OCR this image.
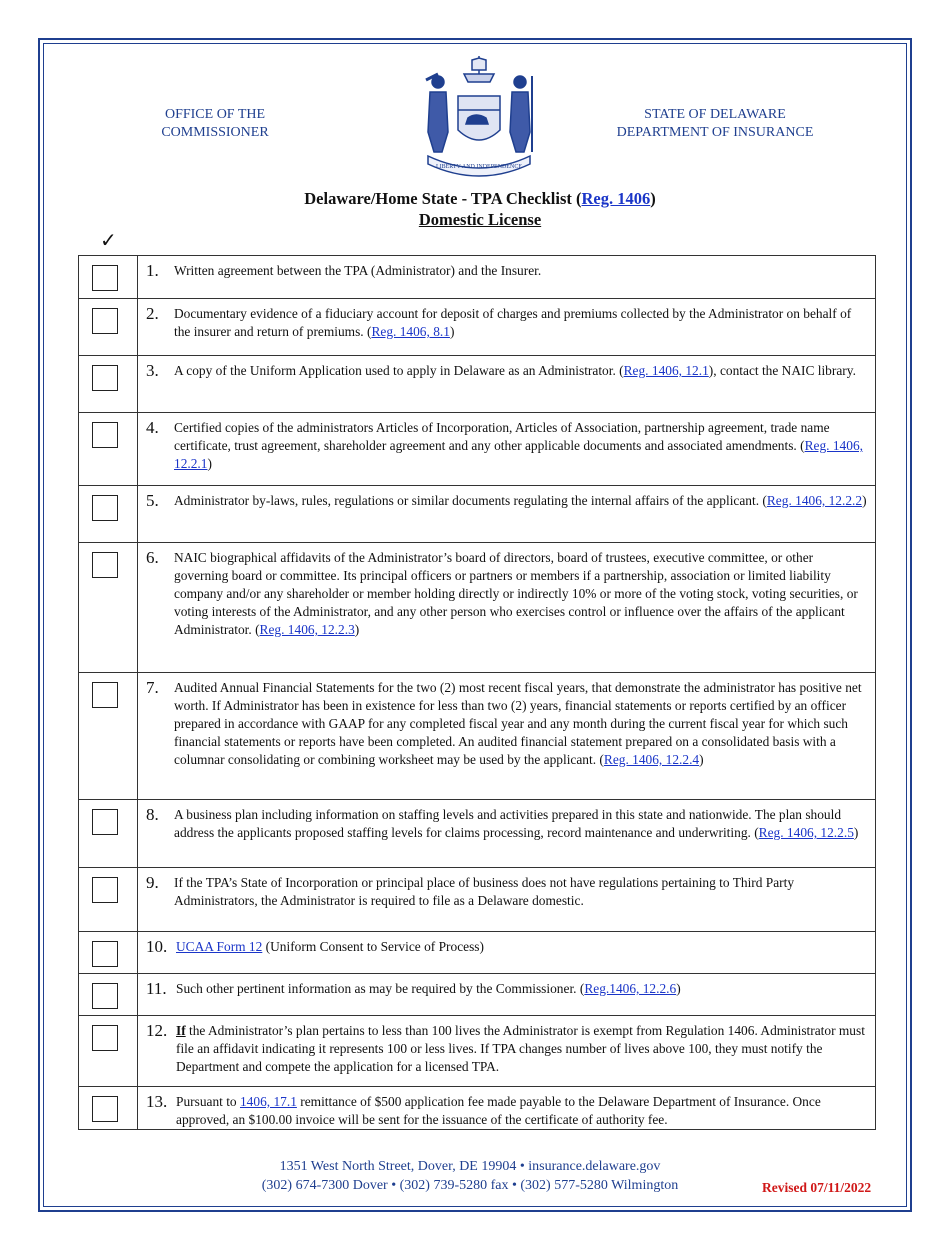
OFFICE OF THE
COMMISSIONER
LIBERTY AND INDEPENDENCE
STATE OF DELAWARE
DEPARTMENT OF INSURANCE
Delaware/Home State - TPA Checklist (Reg. 1406)
Domestic License
✓

	1. Written agreement between the TPA (Administrator) and the Insurer.

	2. Documentary evidence of a fiduciary account for deposit of charges and premiums collected by the Administrator on behalf of the insurer and return of premiums. (Reg. 1406, 8.1)

	3. A copy of the Uniform Application used to apply in Delaware as an Administrator. (Reg. 1406, 12.1), contact the NAIC library.

	4. Certified copies of the administrators Articles of Incorporation, Articles of Association, partnership agreement, trade name certificate, trust agreement, shareholder agreement and any other applicable documents and associated amendments. (Reg. 1406, 12.2.1)

	5. Administrator by-laws, rules, regulations or similar documents regulating the internal affairs of the applicant. (Reg. 1406, 12.2.2)

	6. NAIC biographical affidavits of the Administrator’s board of directors, board of trustees, executive committee, or other governing board or committee. Its principal officers or partners or members if a partnership, association or limited liability company and/or any shareholder or member holding directly or indirectly 10% or more of the voting stock, voting securities, or voting interests of the Administrator, and any other person who exercises control or influence over the affairs of the applicant Administrator. (Reg. 1406, 12.2.3)

	7. Audited Annual Financial Statements for the two (2) most recent fiscal years, that demonstrate the administrator has positive net worth. If Administrator has been in existence for less than two (2) years, financial statements or reports certified by an officer prepared in accordance with GAAP for any completed fiscal year and any month during the current fiscal year for which such financial statements or reports have been completed. An audited financial statement prepared on a consolidated basis with a columnar consolidating or combining worksheet may be used by the applicant. (Reg. 1406, 12.2.4)

	8. A business plan including information on staffing levels and activities prepared in this state and nationwide. The plan should address the applicants proposed staffing levels for claims processing, record maintenance and underwriting. (Reg. 1406, 12.2.5)

	9. If the TPA’s State of Incorporation or principal place of business does not have regulations pertaining to Third Party Administrators, the Administrator is required to file as a Delaware domestic.

	10. UCAA Form 12 (Uniform Consent to Service of Process)

	11. Such other pertinent information as may be required by the Commissioner. (Reg.1406, 12.2.6)

	12. If the Administrator’s plan pertains to less than 100 lives the Administrator is exempt from Regulation 1406. Administrator must file an affidavit indicating it represents 100 or less lives. If TPA changes number of lives above 100, they must notify the Department and compete the application for a licensed TPA.

	13. Pursuant to 1406, 17.1 remittance of $500 application fee made payable to the Delaware Department of Insurance. Once approved, an $100.00 invoice will be sent for the issuance of the certificate of authority fee.
1351 West North Street, Dover, DE 19904 • insurance.delaware.gov
(302) 674-7300 Dover • (302) 739-5280 fax • (302) 577-5280 Wilmington	Revised 07/11/2022
